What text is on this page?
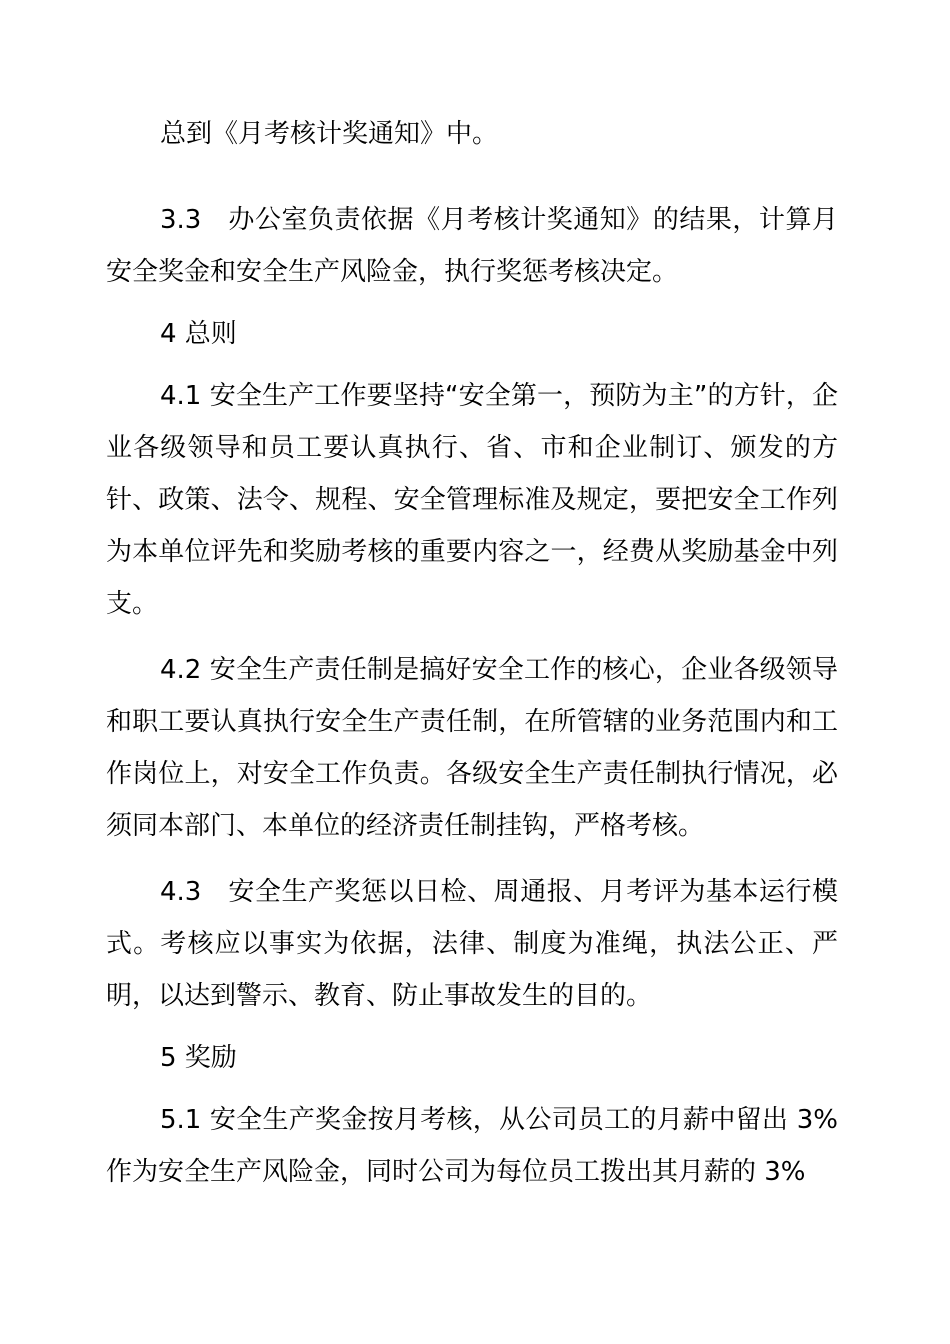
总到《月考核计奖通知》中。

3.3　办公室负责依据《月考核计奖通知》的结果，计算月安全奖金和安全生产风险金，执行奖惩考核决定。

4 总则

4.1 安全生产工作要坚持“安全第一，预防为主”的方针，企业各级领导和员工要认真执行、省、市和企业制订、颁发的方针、政策、法令、规程、安全管理标准及规定，要把安全工作列为本单位评先和奖励考核的重要内容之一，经费从奖励基金中列支。

4.2 安全生产责任制是搞好安全工作的核心，企业各级领导和职工要认真执行安全生产责任制，在所管辖的业务范围内和工作岗位上，对安全工作负责。各级安全生产责任制执行情况，必须同本部门、本单位的经济责任制挂钩，严格考核。

4.3　安全生产奖惩以日检、周通报、月考评为基本运行模式。考核应以事实为依据，法律、制度为准绳，执法公正、严明，以达到警示、教育、防止事故发生的目的。

5 奖励

5.1 安全生产奖金按月考核，从公司员工的月薪中留出 3%作为安全生产风险金，同时公司为每位员工拨出其月薪的 3%
